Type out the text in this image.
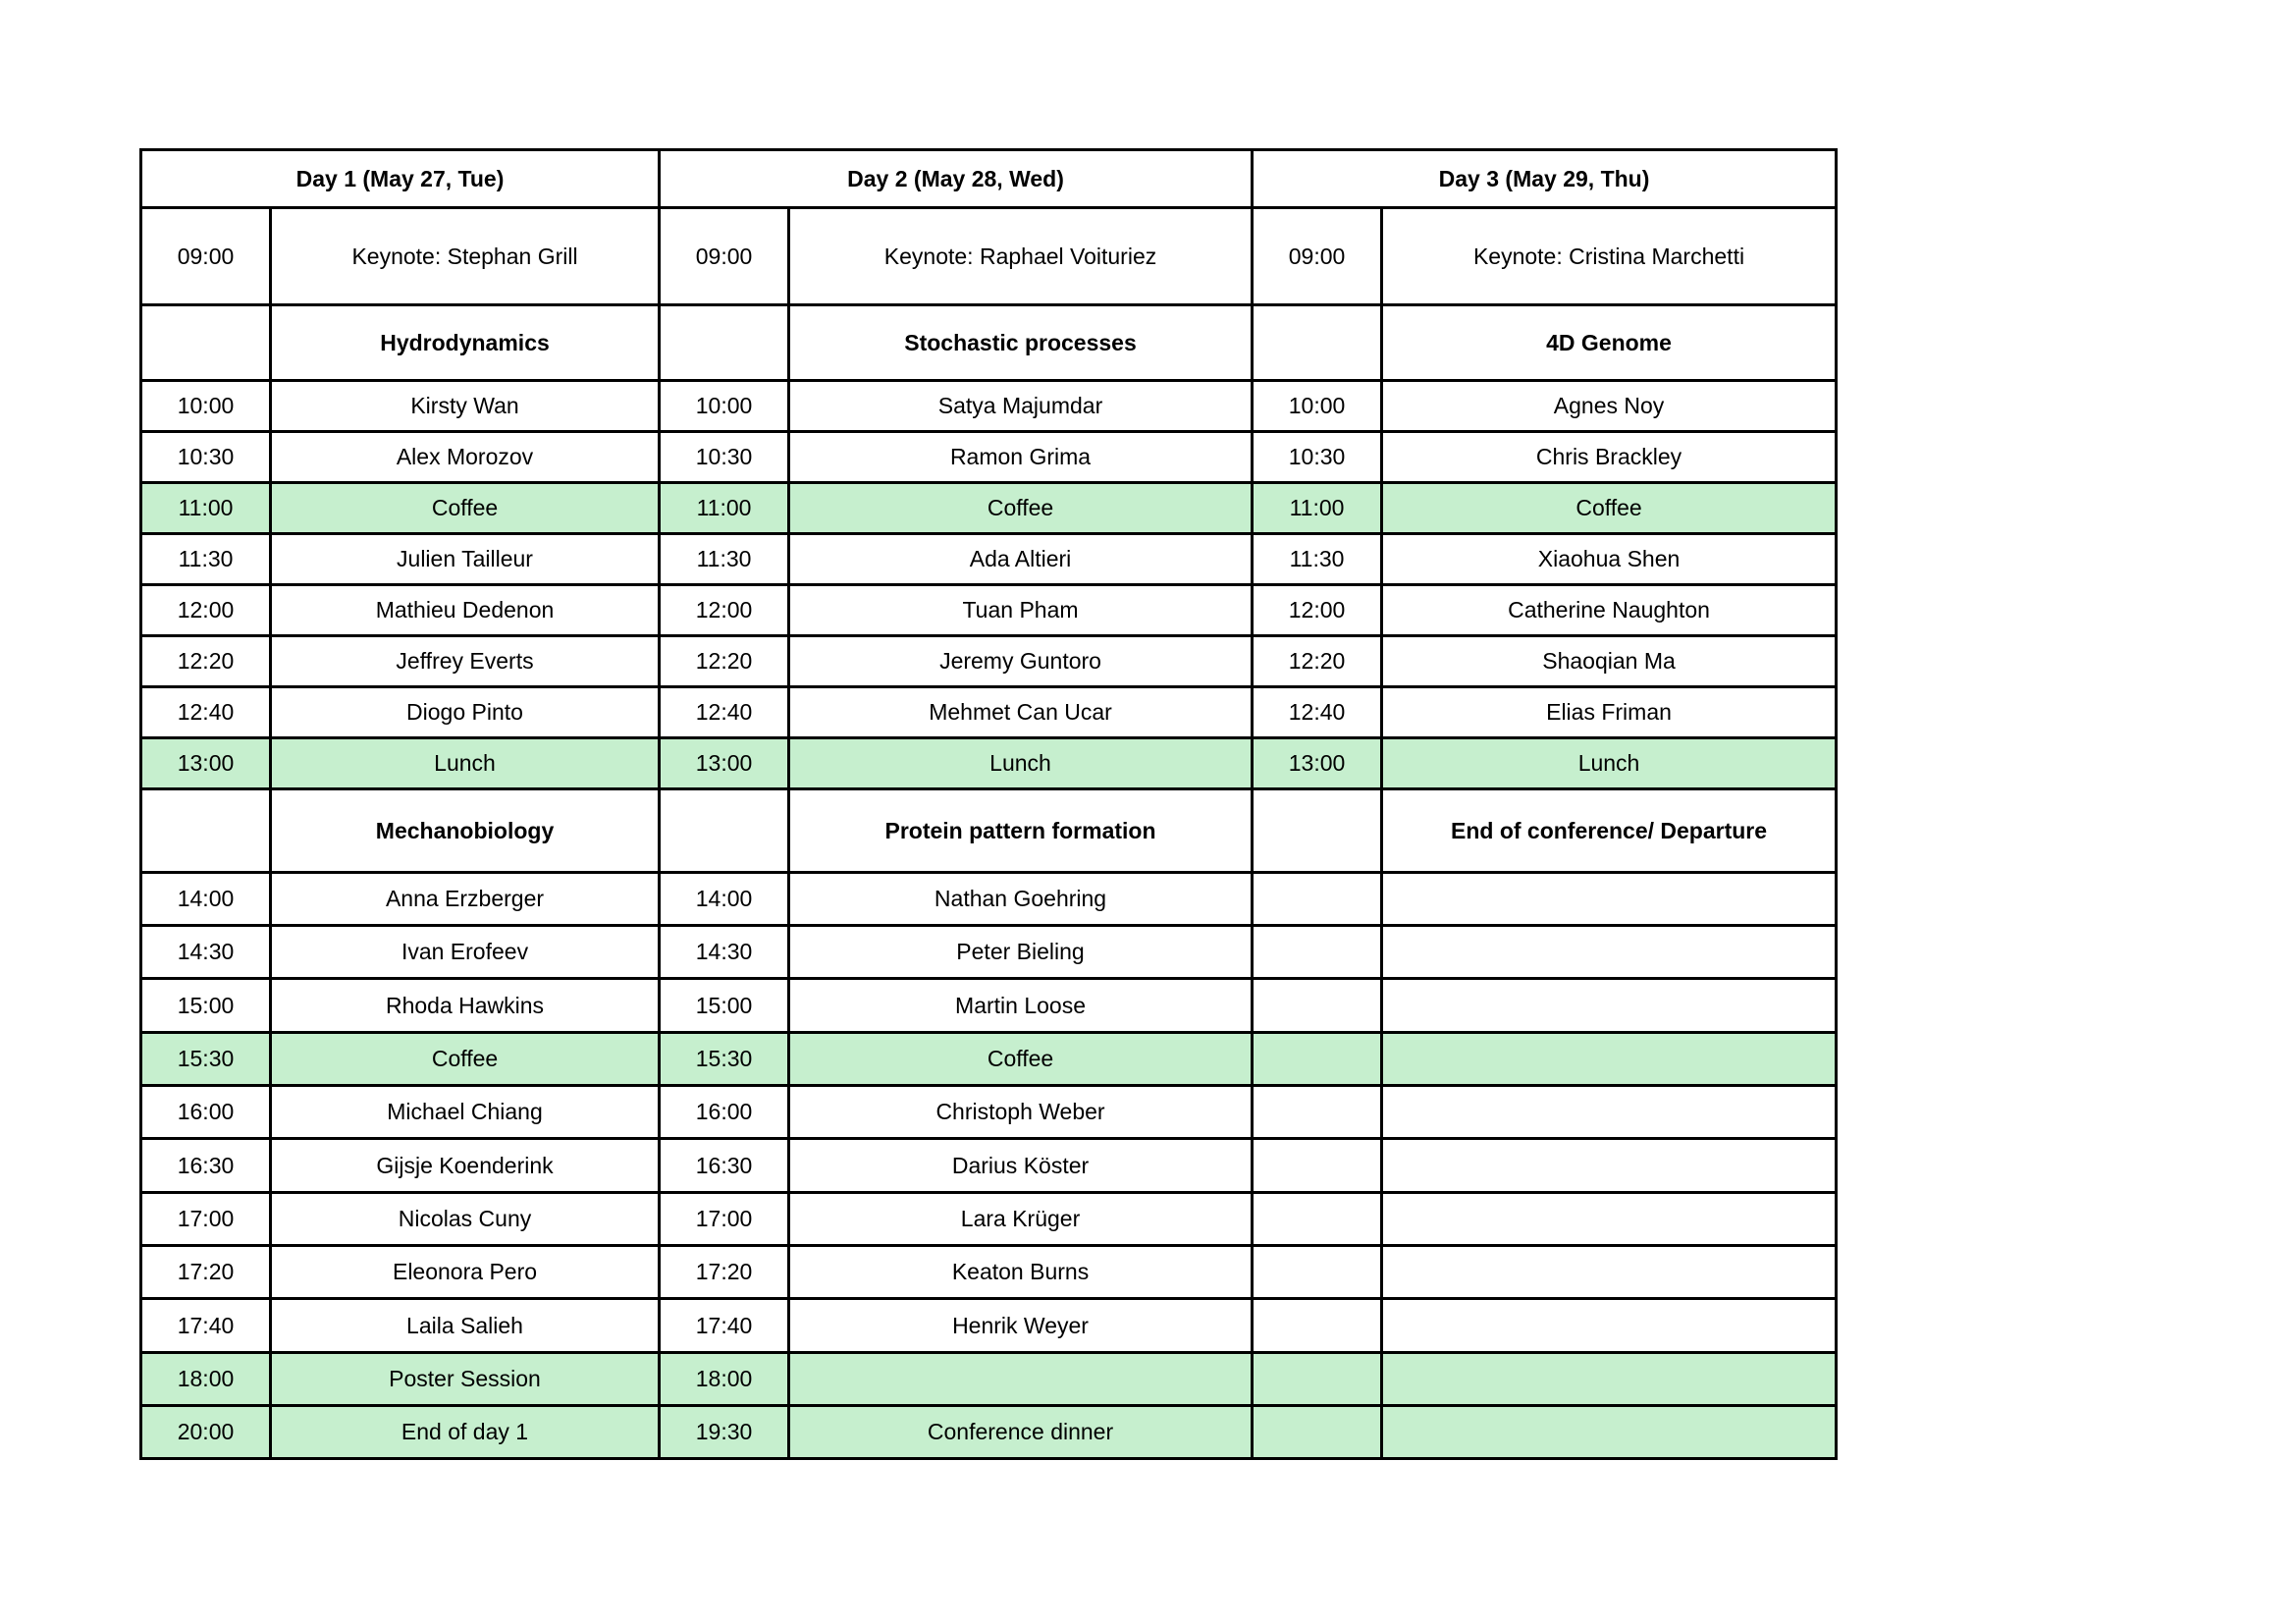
Day 1 (May 27, Tue)		Day 2 (May 28, Wed)		Day 3 (May 29, Thu)	
09:00	Keynote: Stephan Grill	09:00	Keynote: Raphael Voituriez	09:00	Keynote: Cristina Marchetti
	Hydrodynamics		Stochastic processes		4D Genome
10:00	Kirsty Wan	10:00	Satya Majumdar	10:00	Agnes Noy
10:30	Alex Morozov	10:30	Ramon Grima	10:30	Chris Brackley
11:00	Coffee	11:00	Coffee	11:00	Coffee
11:30	Julien Tailleur	11:30	Ada Altieri	11:30	Xiaohua Shen
12:00	Mathieu Dedenon	12:00	Tuan Pham	12:00	Catherine Naughton
12:20	Jeffrey Everts	12:20	Jeremy Guntoro	12:20	Shaoqian Ma
12:40	Diogo Pinto	12:40	Mehmet Can Ucar	12:40	Elias Friman
13:00	Lunch	13:00	Lunch	13:00	Lunch
	Mechanobiology		Protein pattern formation		End of conference/ Departure
14:00	Anna Erzberger	14:00	Nathan Goehring		
14:30	Ivan Erofeev	14:30	Peter Bieling		
15:00	Rhoda Hawkins	15:00	Martin Loose		
15:30	Coffee	15:30	Coffee		
16:00	Michael Chiang	16:00	Christoph Weber		
16:30	Gijsje Koenderink	16:30	Darius Köster		
17:00	Nicolas Cuny	17:00	Lara Krüger		
17:20	Eleonora Pero	17:20	Keaton Burns		
17:40	Laila Salieh	17:40	Henrik Weyer		
18:00	Poster Session	18:00			
20:00	End of day 1	19:30	Conference dinner		
